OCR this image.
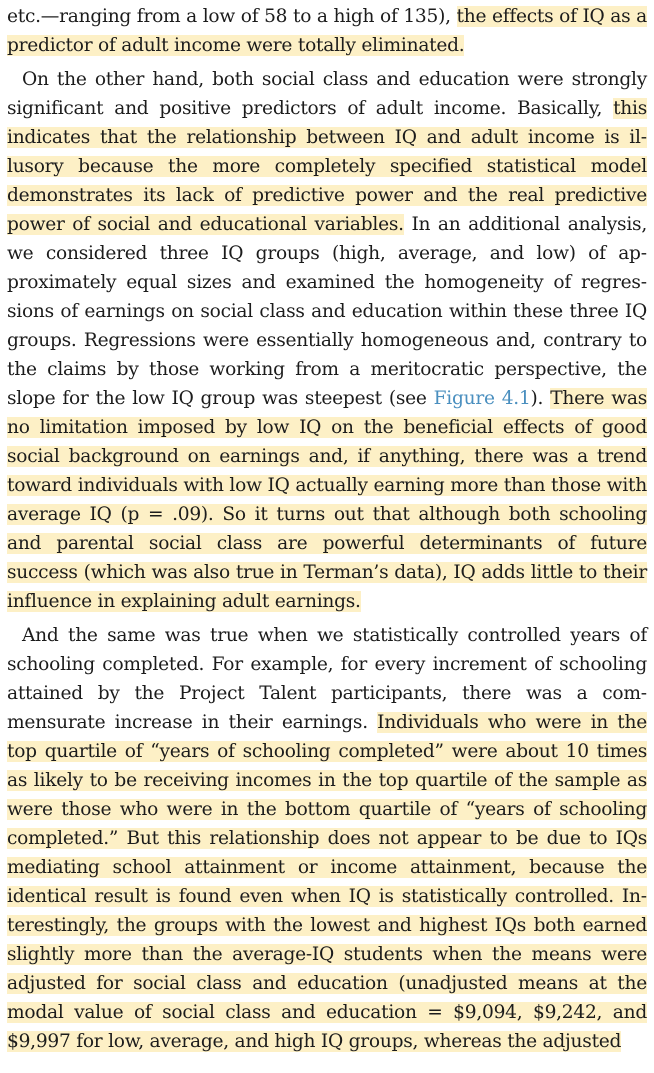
etc.—ranging from a low of 58 to a high of 135), the effects of IQ as a predictor of adult income were totally eliminated.

On the other hand, both social class and education were strongly significant and positive predictors of adult income. Basically, this indicates that the relationship between IQ and adult income is illusory because the more completely specified statistical model demonstrates its lack of predictive power and the real predictive power of social and educational variables. In an additional analysis, we considered three IQ groups (high, average, and low) of approximately equal sizes and examined the homogeneity of regressions of earnings on social class and education within these three IQ groups. Regressions were essentially homogeneous and, contrary to the claims by those working from a meritocratic perspective, the slope for the low IQ group was steepest (see Figure 4.1). There was no limitation imposed by low IQ on the beneficial effects of good social background on earnings and, if anything, there was a trend toward individuals with low IQ actually earning more than those with average IQ (p = .09). So it turns out that although both schooling and parental social class are powerful determinants of future success (which was also true in Terman’s data), IQ adds little to their influence in explaining adult earnings.

And the same was true when we statistically controlled years of schooling completed. For example, for every increment of schooling attained by the Project Talent participants, there was a commensurate increase in their earnings. Individuals who were in the top quartile of “years of schooling completed” were about 10 times as likely to be receiving incomes in the top quartile of the sample as were those who were in the bottom quartile of “years of schooling completed.” But this relationship does not appear to be due to IQs mediating school attainment or income attainment, because the identical result is found even when IQ is statistically controlled. Interestingly, the groups with the lowest and highest IQs both earned slightly more than the average-IQ students when the means were adjusted for social class and education (unadjusted means at the modal value of social class and education = $9,094, $9,242, and $9,997 for low, average, and high IQ groups, whereas the adjusted
